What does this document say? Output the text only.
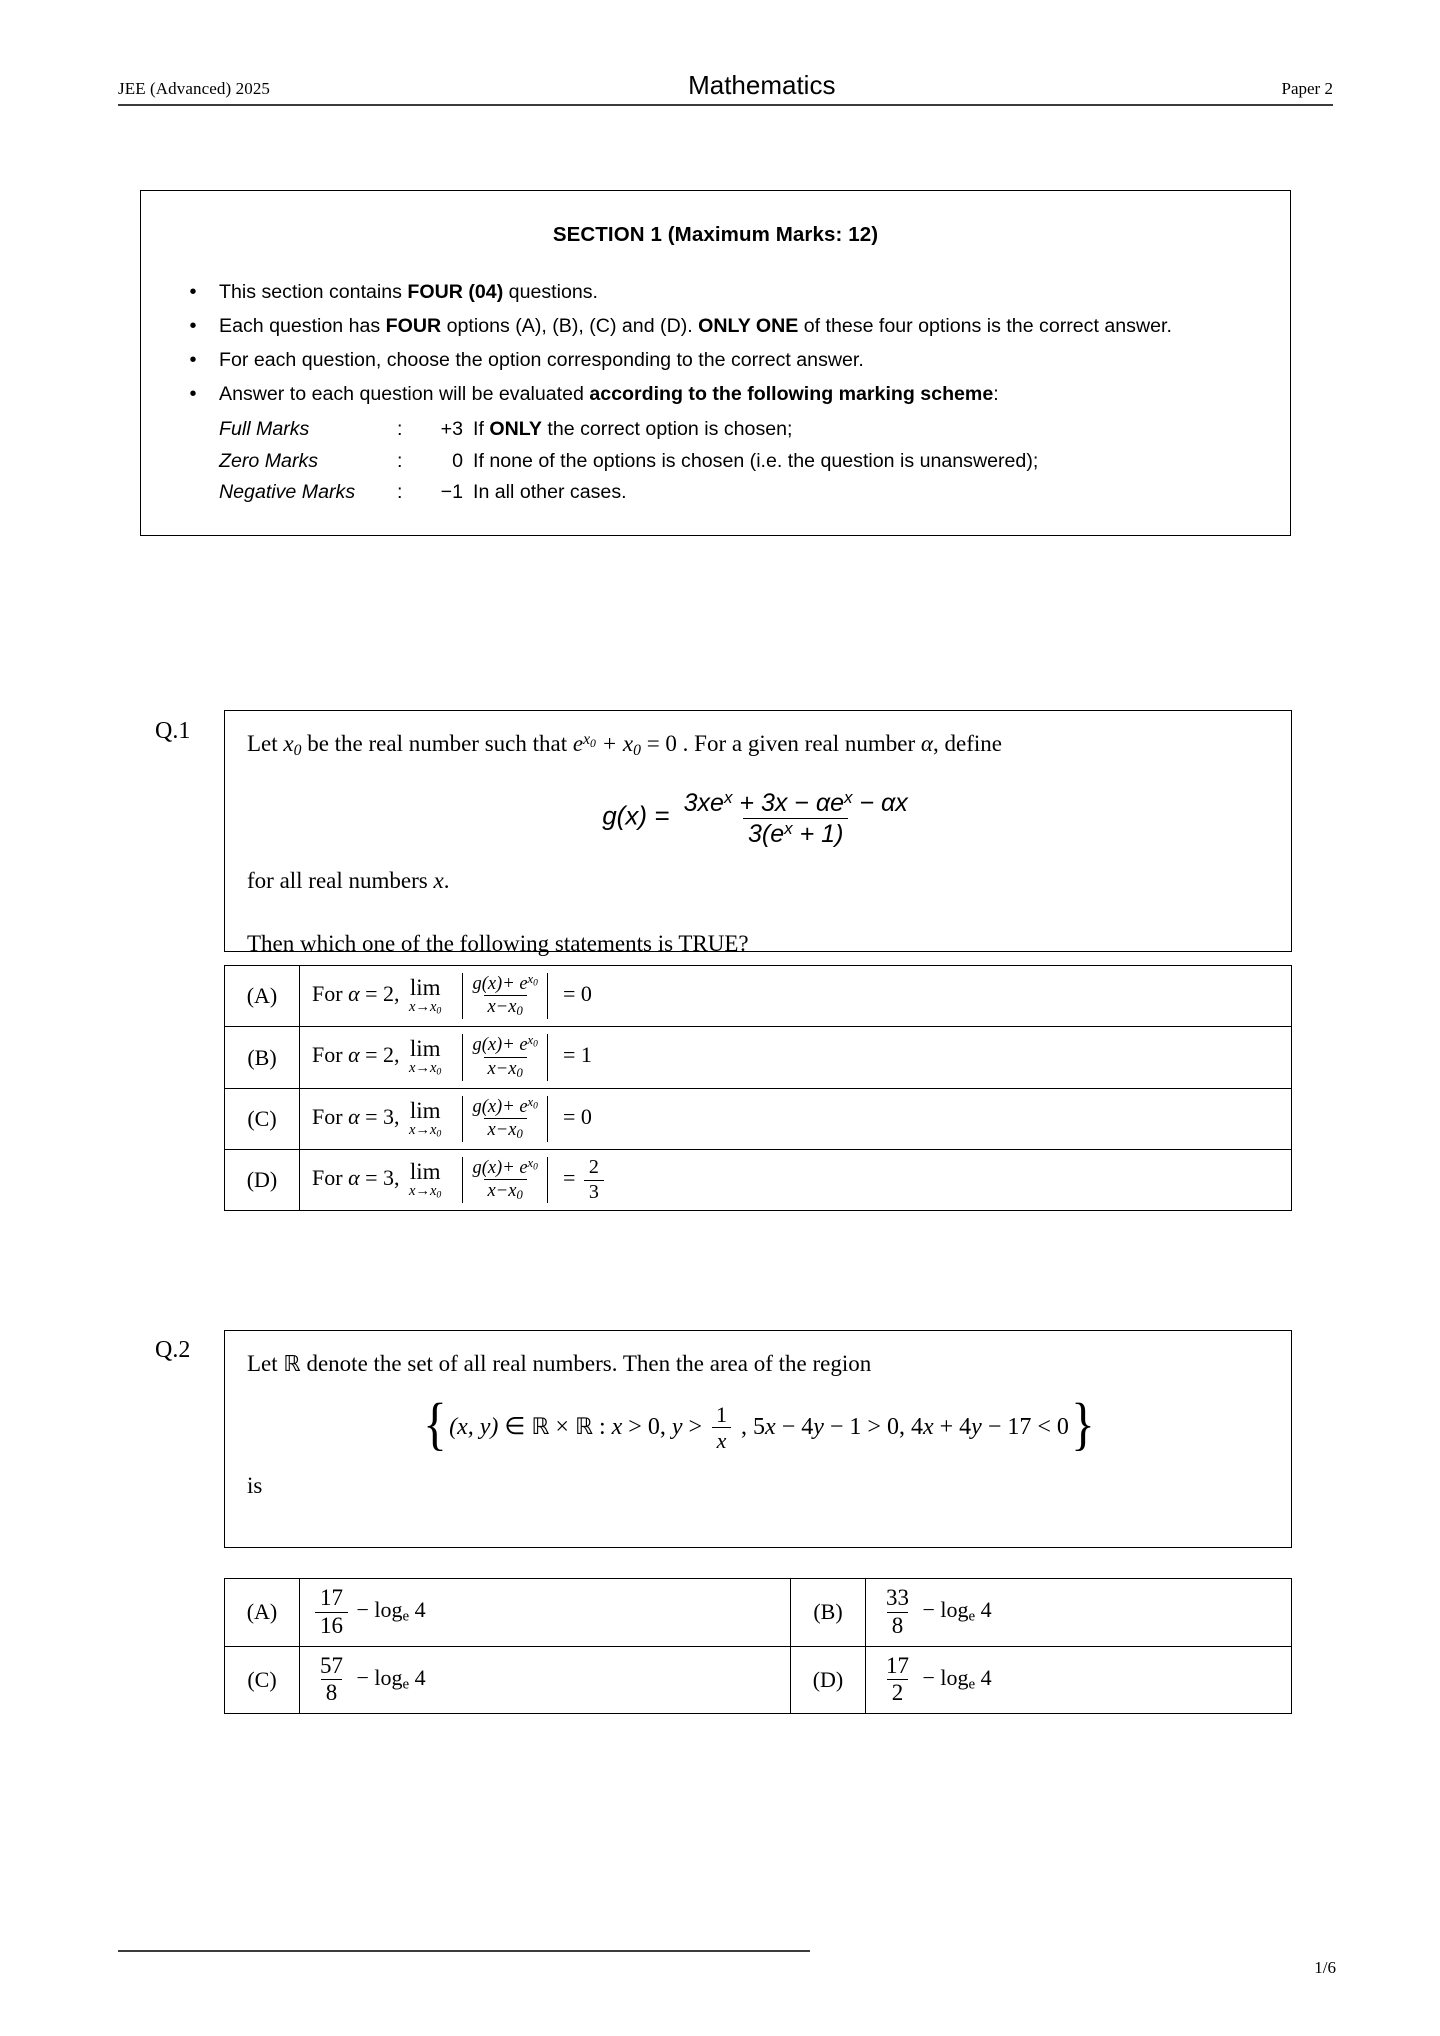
JEE (Advanced) 2025	Mathematics	Paper 2
SECTION 1 (Maximum Marks: 12)
•	This section contains FOUR (04) questions.
•	Each question has FOUR options (A), (B), (C) and (D). ONLY ONE of these four options is the correct answer.
•	For each question, choose the option corresponding to the correct answer.
•	Answer to each question will be evaluated according to the following marking scheme:
Full Marks	:	+3 If ONLY the correct option is chosen;
Zero Marks	:	0 If none of the options is chosen (i.e. the question is unanswered);
Negative Marks	:	−1 In all other cases.
Q.1 Let $x_0$ be the real number such that $e^{x_0} + x_0 = 0$ . For a given real number α, define
$g(x) = \frac{3xe^x + 3x - \alpha e^x - \alpha x}{3(e^x + 1)}$
for all real numbers x.
Then which one of the following statements is TRUE?
(A)	For α = 2, lim
$x\to x_0$
$\frac{g(x)+ e^{x_0}}{x-x_0} = 0$
(B)	For α = 2, lim
$x\to x_0$
$\frac{g(x)+ e^{x_0}}{x-x_0} = 1$
(C)	For α = 3, lim
$x\to x_0$
$\frac{g(x)+ e^{x_0}}{x-x_0} = 0$
(D)	For α = 3, lim
$x\to x_0$
$\frac{g(x)+ e^{x_0}}{x-x_0} = \frac{2}{3}$
Q.2
Let ℝ denote the set of all real numbers. Then the area of the region
{(x, y) ∈ ℝ × ℝ : x > 0, $y > \frac{1}{x}$ , 5x − 4y − 1 > 0, 4x + 4y − 17 < 0}
is
(A)	$\frac{17}{16} - \log_e 4$	(B)	$\frac{33}{8} - \log_e 4$
(C)	$\frac{57}{8} - \log_e 4$	(D)	$\frac{17}{2} - \log_e 4$
1/6
